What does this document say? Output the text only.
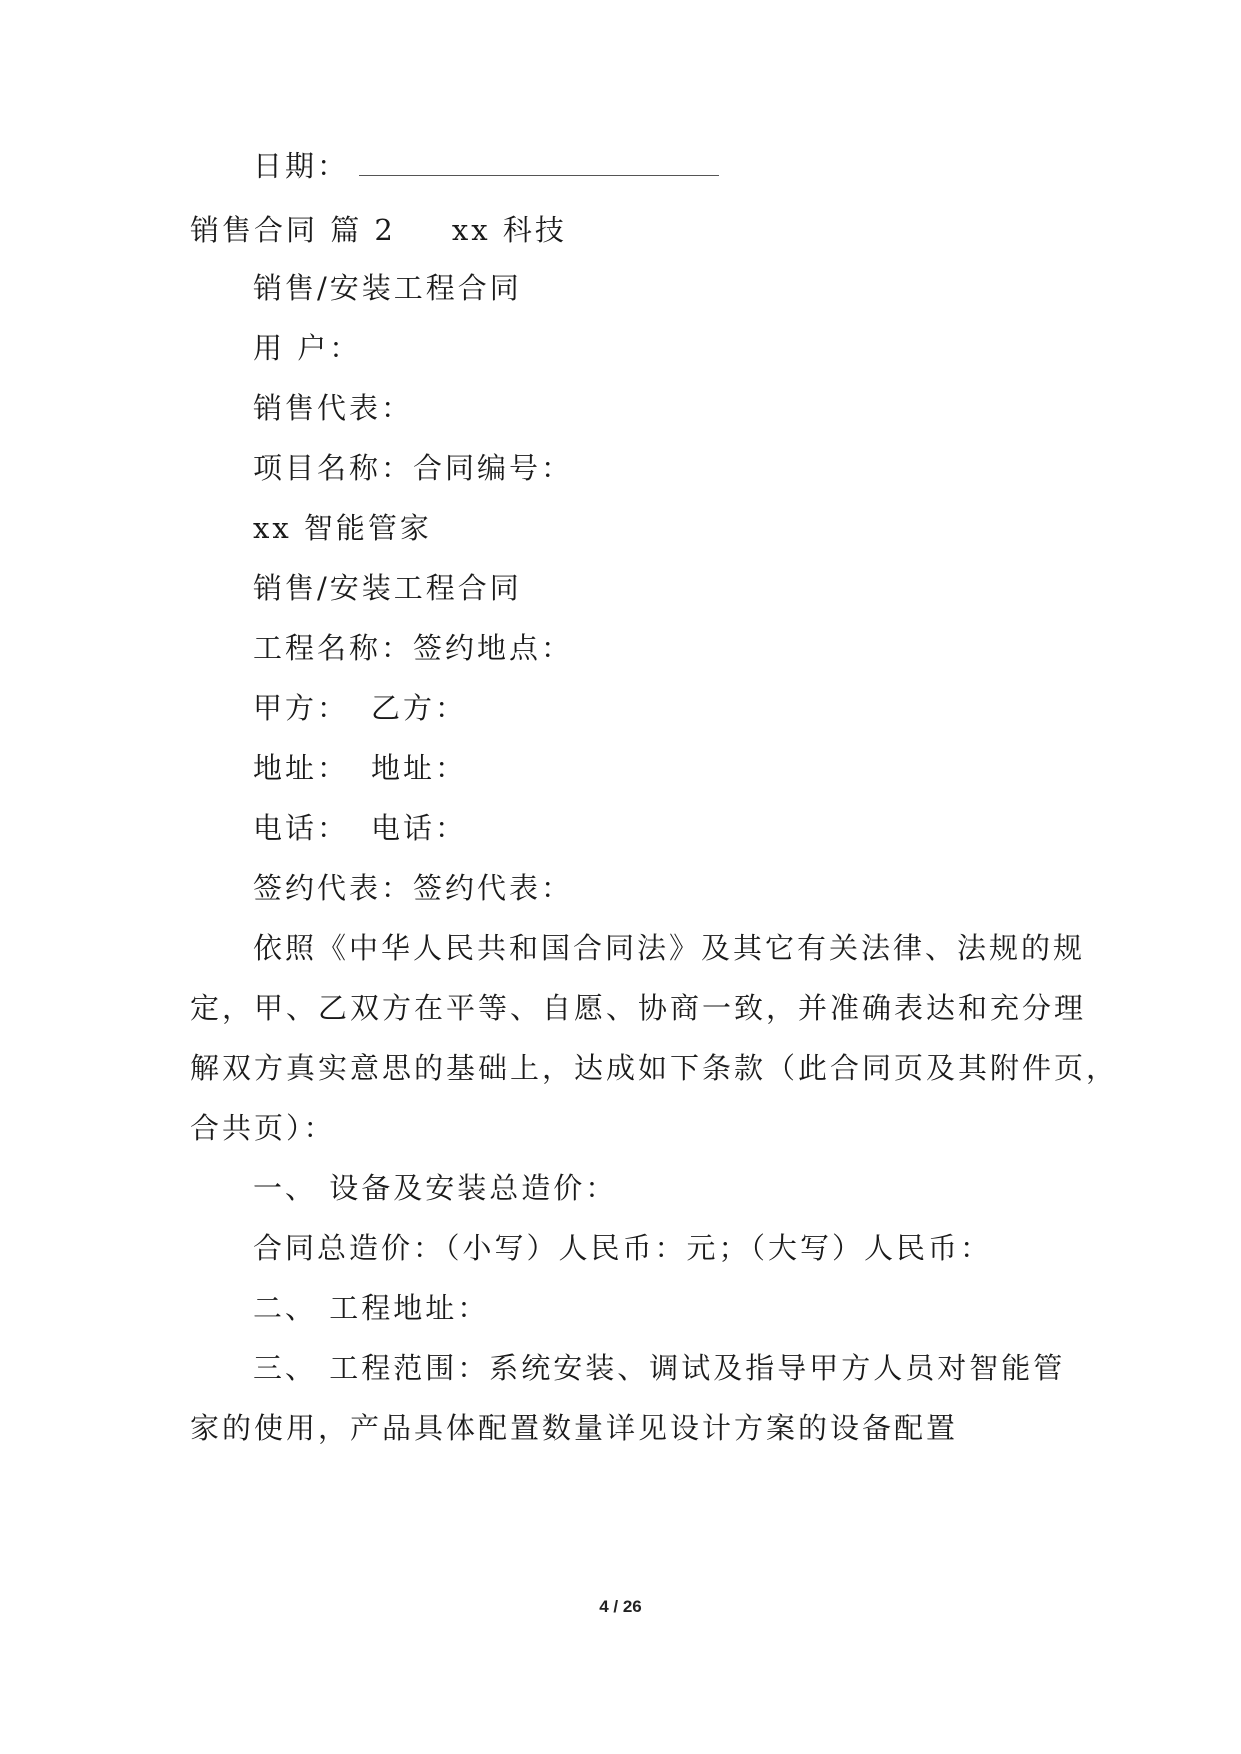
日期：
销售合同 篇 2 xx 科技
销售/安装工程合同
用 户：
销售代表：
项目名称：合同编号：
xx 智能管家
销售/安装工程合同
工程名称：签约地点：
甲方： 乙方：
地址： 地址：
电话： 电话：
签约代表：签约代表：
依照《中华人民共和国合同法》及其它有关法律、法规的规
定，甲、乙双方在平等、自愿、协商一致，并准确表达和充分理
解双方真实意思的基础上，达成如下条款（此合同页及其附件页，
合共页）：
一、 设备及安装总造价：
合同总造价：（小写）人民币：元；（大写）人民币：
二、 工程地址：
三、 工程范围：系统安装、调试及指导甲方人员对智能管
家的使用，产品具体配置数量详见设计方案的设备配置
4 / 26
